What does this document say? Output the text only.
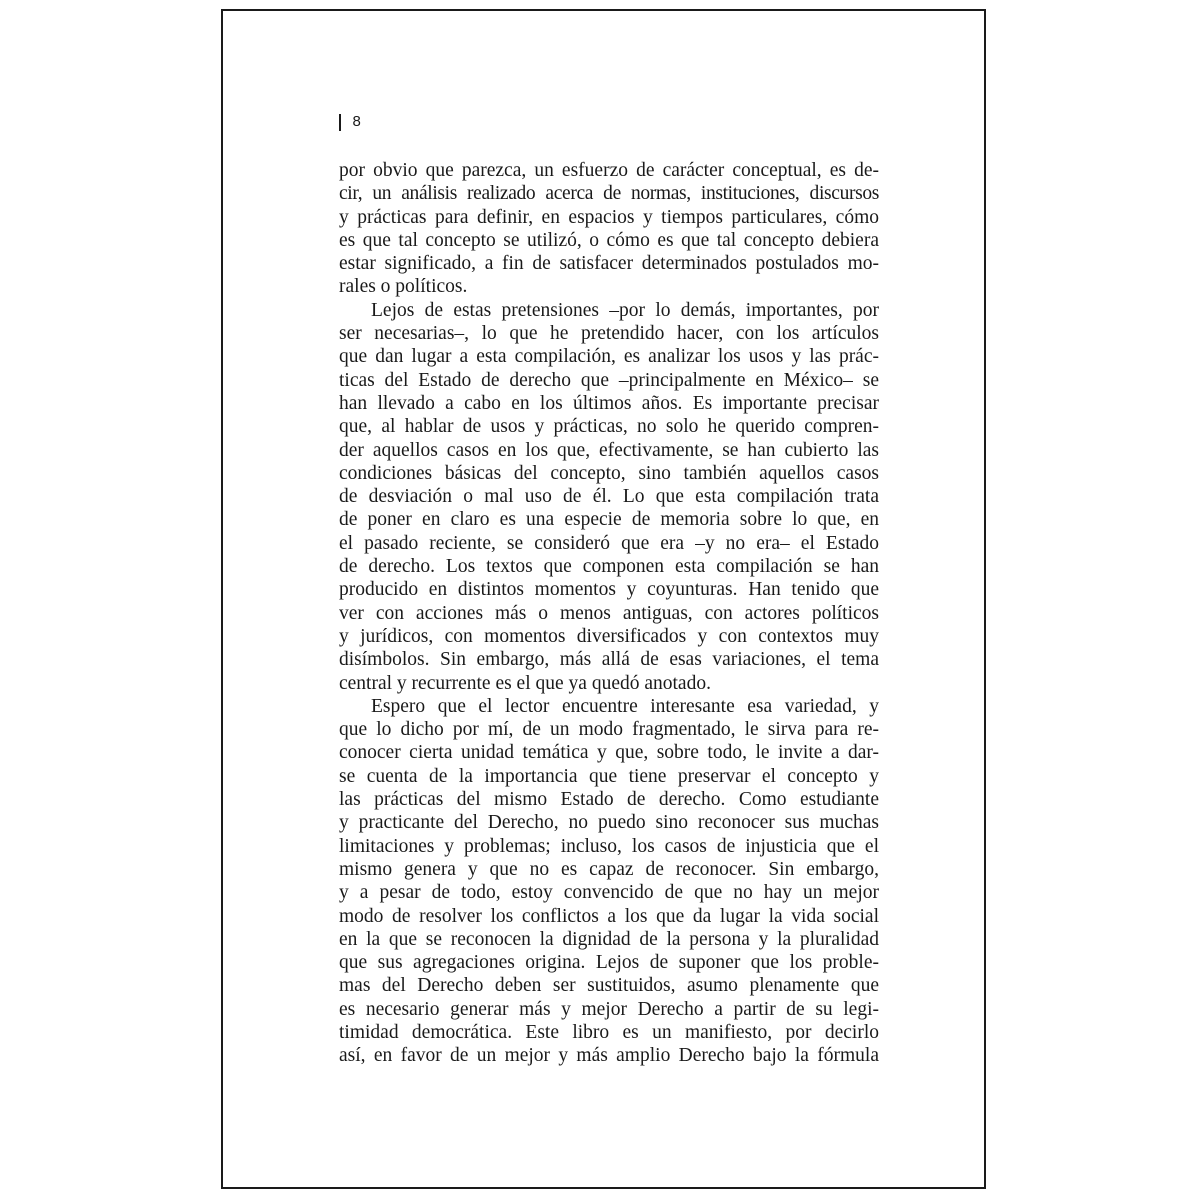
8
por obvio que parezca, un esfuerzo de carácter conceptual, es de-
cir, un análisis realizado acerca de normas, instituciones, discursos
y prácticas para definir, en espacios y tiempos particulares, cómo
es que tal concepto se utilizó, o cómo es que tal concepto debiera
estar significado, a fin de satisfacer determinados postulados mo-
rales o políticos.
Lejos de estas pretensiones –por lo demás, importantes, por
ser necesarias–, lo que he pretendido hacer, con los artículos
que dan lugar a esta compilación, es analizar los usos y las prác-
ticas del Estado de derecho que –principalmente en México– se
han llevado a cabo en los últimos años. Es importante precisar
que, al hablar de usos y prácticas, no solo he querido compren-
der aquellos casos en los que, efectivamente, se han cubierto las
condiciones básicas del concepto, sino también aquellos casos
de desviación o mal uso de él. Lo que esta compilación trata
de poner en claro es una especie de memoria sobre lo que, en
el pasado reciente, se consideró que era –y no era– el Estado
de derecho. Los textos que componen esta compilación se han
producido en distintos momentos y coyunturas. Han tenido que
ver con acciones más o menos antiguas, con actores políticos
y jurídicos, con momentos diversificados y con contextos muy
disímbolos. Sin embargo, más allá de esas variaciones, el tema
central y recurrente es el que ya quedó anotado.
Espero que el lector encuentre interesante esa variedad, y
que lo dicho por mí, de un modo fragmentado, le sirva para re-
conocer cierta unidad temática y que, sobre todo, le invite a dar-
se cuenta de la importancia que tiene preservar el concepto y
las prácticas del mismo Estado de derecho. Como estudiante
y practicante del Derecho, no puedo sino reconocer sus muchas
limitaciones y problemas; incluso, los casos de injusticia que el
mismo genera y que no es capaz de reconocer. Sin embargo,
y a pesar de todo, estoy convencido de que no hay un mejor
modo de resolver los conflictos a los que da lugar la vida social
en la que se reconocen la dignidad de la persona y la pluralidad
que sus agregaciones origina. Lejos de suponer que los proble-
mas del Derecho deben ser sustituidos, asumo plenamente que
es necesario generar más y mejor Derecho a partir de su legi-
timidad democrática. Este libro es un manifiesto, por decirlo
así, en favor de un mejor y más amplio Derecho bajo la fórmula
